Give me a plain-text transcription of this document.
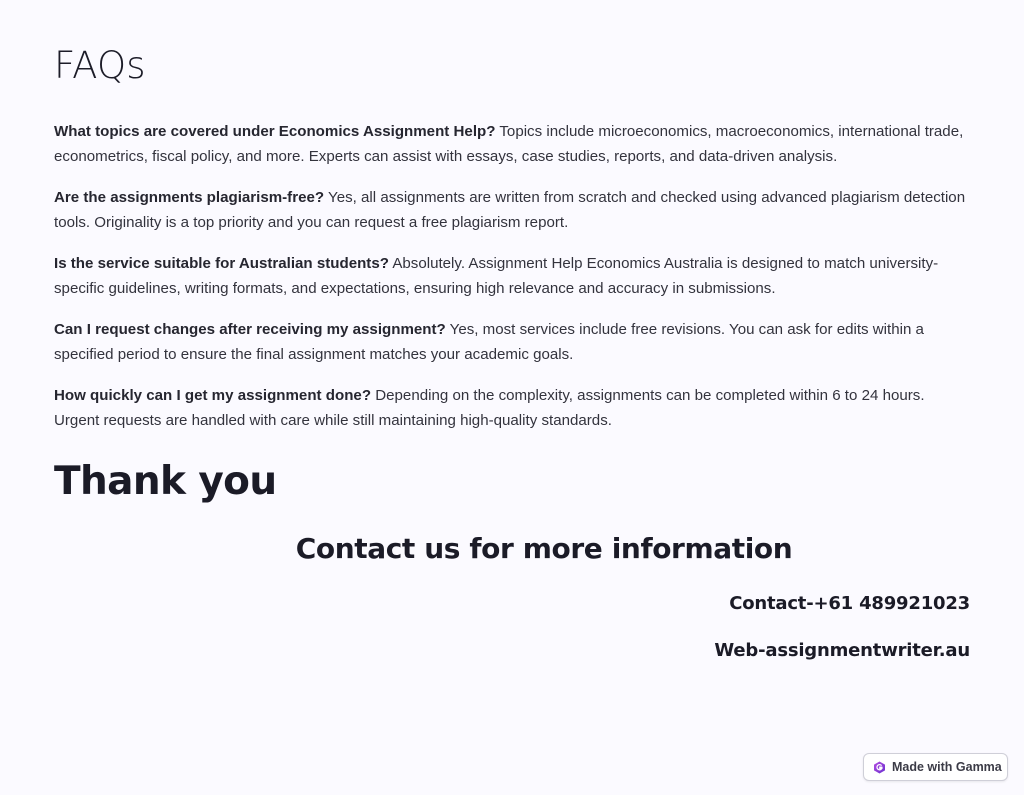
FAQs

What topics are covered under Economics Assignment Help? Topics include microeconomics, macroeconomics, international trade, econometrics, fiscal policy, and more. Experts can assist with essays, case studies, reports, and data-driven analysis.

Are the assignments plagiarism-free? Yes, all assignments are written from scratch and checked using advanced plagiarism detection tools. Originality is a top priority and you can request a free plagiarism report.

Is the service suitable for Australian students? Absolutely. Assignment Help Economics Australia is designed to match university-specific guidelines, writing formats, and expectations, ensuring high relevance and accuracy in submissions.

Can I request changes after receiving my assignment? Yes, most services include free revisions. You can ask for edits within a specified period to ensure the final assignment matches your academic goals.

How quickly can I get my assignment done? Depending on the complexity, assignments can be completed within 6 to 24 hours. Urgent requests are handled with care while still maintaining high-quality standards.

Thank you
Contact us for more information

Contact-+61 489921023

Web-assignmentwriter.au

Made with Gamma
